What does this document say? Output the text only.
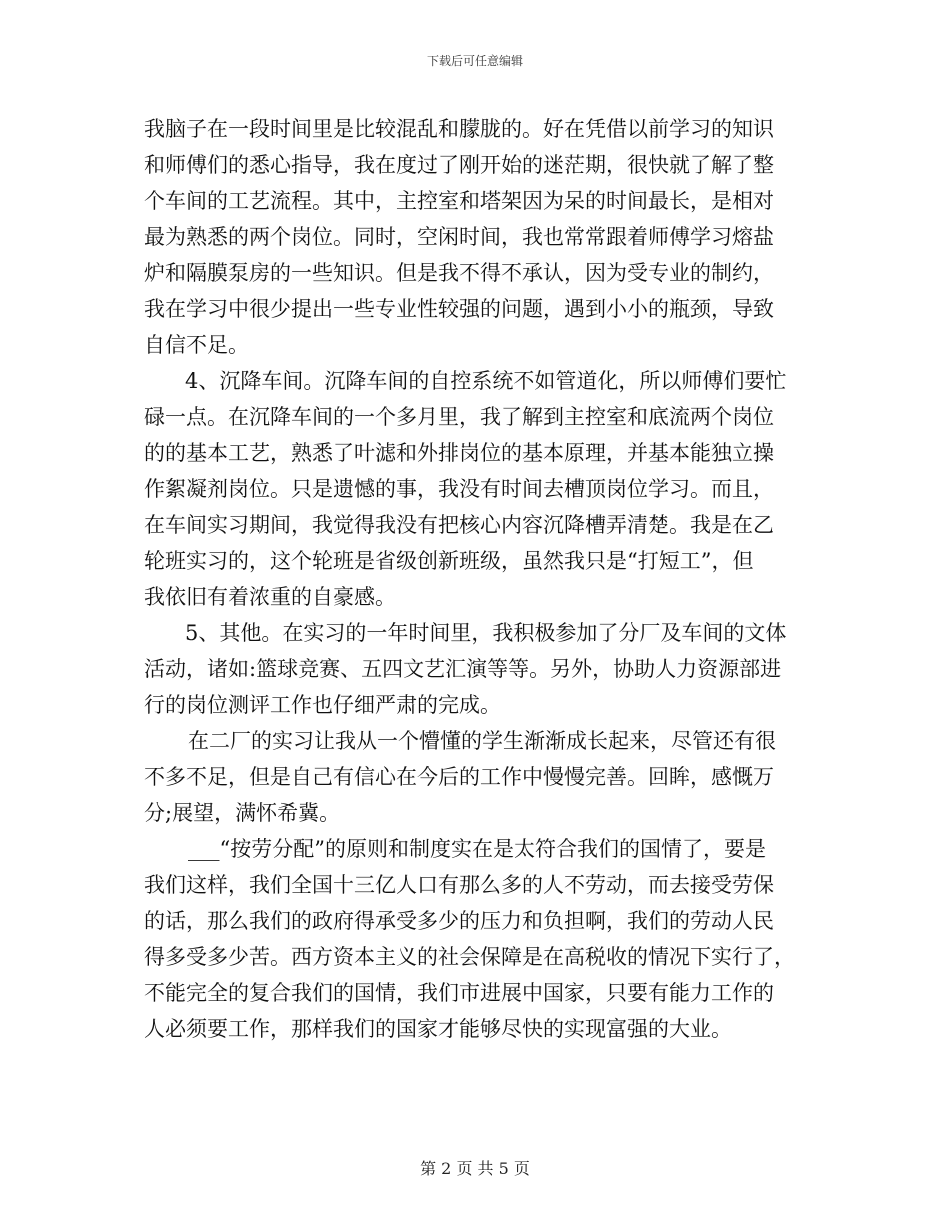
下载后可任意编辑
我脑子在一段时间里是比较混乱和朦胧的。好在凭借以前学习的知识
和师傅们的悉心指导，我在度过了刚开始的迷茫期，很快就了解了整
个车间的工艺流程。其中，主控室和塔架因为呆的时间最长，是相对
最为熟悉的两个岗位。同时，空闲时间，我也常常跟着师傅学习熔盐
炉和隔膜泵房的一些知识。但是我不得不承认，因为受专业的制约，
我在学习中很少提出一些专业性较强的问题，遇到小小的瓶颈，导致
自信不足。
4、沉降车间。沉降车间的自控系统不如管道化，所以师傅们要忙
碌一点。在沉降车间的一个多月里，我了解到主控室和底流两个岗位
的的基本工艺，熟悉了叶滤和外排岗位的基本原理，并基本能独立操
作絮凝剂岗位。只是遗憾的事，我没有时间去槽顶岗位学习。而且，
在车间实习期间，我觉得我没有把核心内容沉降槽弄清楚。我是在乙
轮班实习的，这个轮班是省级创新班级，虽然我只是“打短工”，但
我依旧有着浓重的自豪感。
5、其他。在实习的一年时间里，我积极参加了分厂及车间的文体
活动，诸如:篮球竞赛、五四文艺汇演等等。另外，协助人力资源部进
行的岗位测评工作也仔细严肃的完成。
在二厂的实习让我从一个懵懂的学生渐渐成长起来，尽管还有很
不多不足，但是自己有信心在今后的工作中慢慢完善。回眸，感慨万
分;展望，满怀希冀。
___“按劳分配”的原则和制度实在是太符合我们的国情了，要是
我们这样，我们全国十三亿人口有那么多的人不劳动，而去接受劳保
的话，那么我们的政府得承受多少的压力和负担啊，我们的劳动人民
得多受多少苦。西方资本主义的社会保障是在高税收的情况下实行了，
不能完全的复合我们的国情，我们市进展中国家，只要有能力工作的
人必须要工作，那样我们的国家才能够尽快的实现富强的大业。
第 2 页 共 5 页
